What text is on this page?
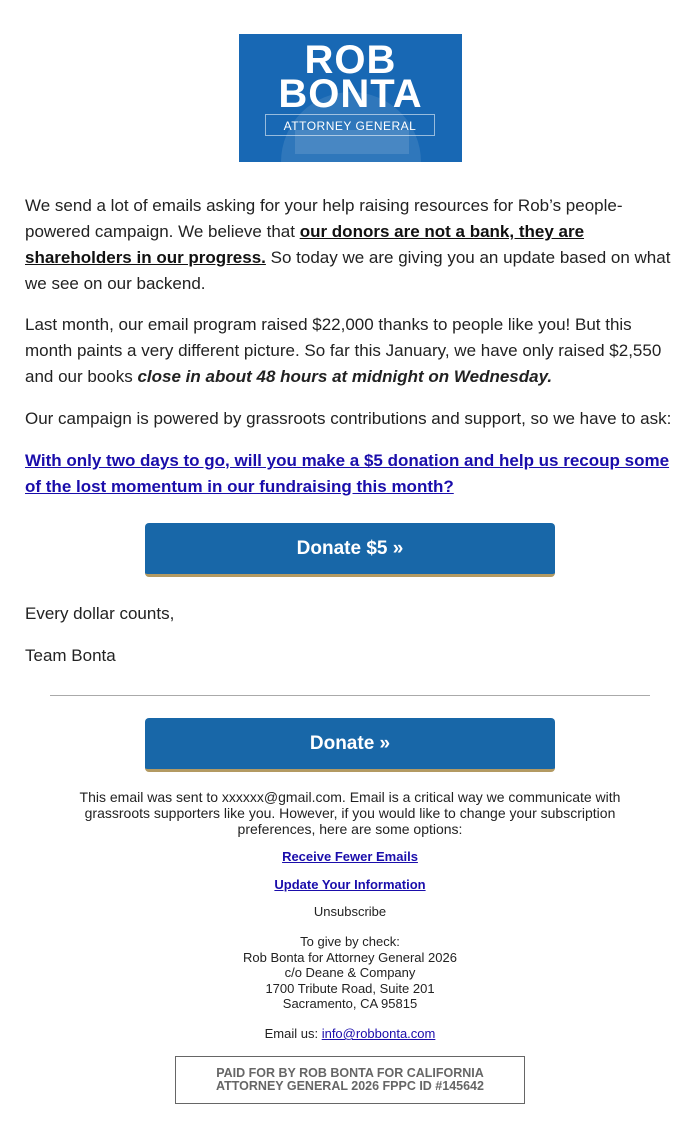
ROB
BONTA
ATTORNEY GENERAL

We send a lot of emails asking for your help raising resources for Rob’s people-powered campaign. We believe that our donors are not a bank, they are shareholders in our progress. So today we are giving you an update based on what we see on our backend.

Last month, our email program raised $22,000 thanks to people like you! But this month paints a very different picture. So far this January, we have only raised $2,550 and our books close in about 48 hours at midnight on Wednesday.

Our campaign is powered by grassroots contributions and support, so we have to ask:

With only two days to go, will you make a $5 donation and help us recoup some of the lost momentum in our fundraising this month?
Donate $5 »

Every dollar counts,

Team Bonta

Donate »

This email was sent to xxxxxx@gmail.com. Email is a critical way we communicate with grassroots supporters like you. However, if you would like to change your subscription preferences, here are some options:

Receive Fewer Emails
Update Your Information
Unsubscribe
To give by check:
Rob Bonta for Attorney General 2026
c/o Deane & Company
1700 Tribute Road, Suite 201
Sacramento, CA 95815
Email us: info@robbonta.com
PAID FOR BY ROB BONTA FOR CALIFORNIA
ATTORNEY GENERAL 2026 FPPC ID #145642
